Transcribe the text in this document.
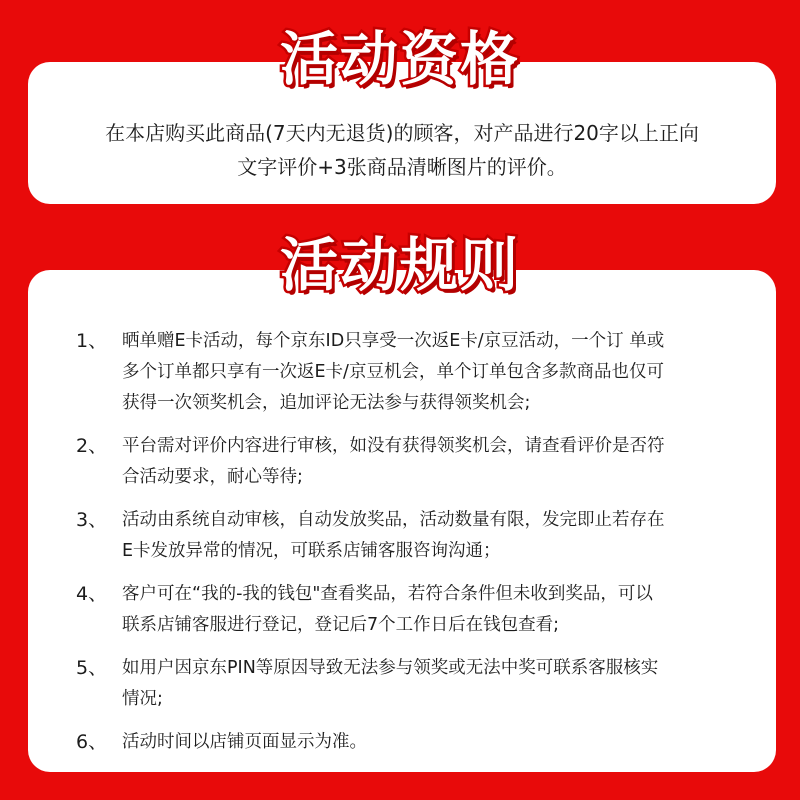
活动资格
在本店购买此商品(7天内无退货)的顾客，对产品进行20字以上正向
文字评价+3张商品清晰图片的评价。
活动规则
1、 晒单赠E卡活动，每个京东ID只享受一次返E卡/京豆活动，一个订 单或
多个订单都只享有一次返E卡/京豆机会，单个订单包含多款商品也仅可
获得一次领奖机会，追加评论无法参与获得领奖机会;
2、 平台需对评价内容进行审核，如没有获得领奖机会，请查看评价是否符
合活动要求，耐心等待;
3、 活动由系统自动审核，自动发放奖品，活动数量有限，发完即止若存在
E卡发放异常的情况，可联系店铺客服咨询沟通；
4、 客户可在“我的-我的钱包"查看奖品，若符合条件但未收到奖品，可以
联系店铺客服进行登记，登记后7个工作日后在钱包查看;
5、 如用户因京东PIN等原因导致无法参与领奖或无法中奖可联系客服核实
情况;
6、 活动时间以店铺页面显示为准。
